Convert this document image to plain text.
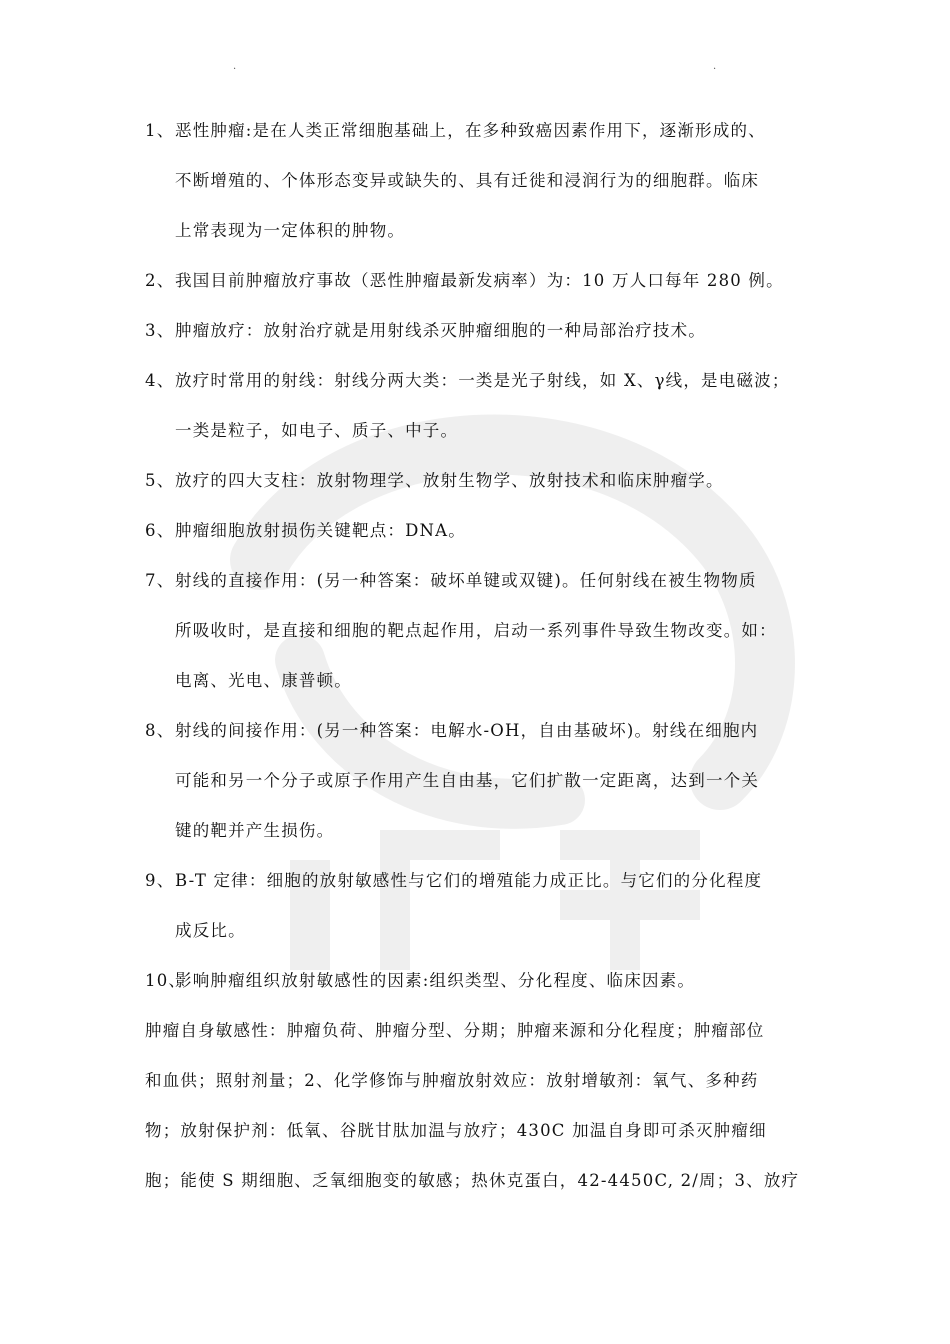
.	.
1、恶性肿瘤:是在人类正常细胞基础上，在多种致癌因素作用下，逐渐形成的、
不断增殖的、个体形态变异或缺失的、具有迁徙和浸润行为的细胞群。临床
上常表现为一定体积的肿物。
2、我国目前肿瘤放疗事故（恶性肿瘤最新发病率）为：10 万人口每年 280 例。
3、肿瘤放疗：放射治疗就是用射线杀灭肿瘤细胞的一种局部治疗技术。
4、放疗时常用的射线：射线分两大类：一类是光子射线，如 X、γ线，是电磁波；
一类是粒子，如电子、质子、中子。
5、放疗的四大支柱：放射物理学、放射生物学、放射技术和临床肿瘤学。
6、肿瘤细胞放射损伤关键靶点：DNA。
7、射线的直接作用：(另一种答案：破坏单键或双键)。任何射线在被生物物质
所吸收时，是直接和细胞的靶点起作用，启动一系列事件导致生物改变。如：
电离、光电、康普顿。
8、射线的间接作用：(另一种答案：电解水-OH，自由基破坏)。射线在细胞内
可能和另一个分子或原子作用产生自由基，它们扩散一定距离，达到一个关
键的靶并产生损伤。
9、B-T 定律：细胞的放射敏感性与它们的增殖能力成正比。与它们的分化程度
成反比。
10、影响肿瘤组织放射敏感性的因素:组织类型、分化程度、临床因素。
肿瘤自身敏感性：肿瘤负荷、肿瘤分型、分期；肿瘤来源和分化程度；肿瘤部位
和血供；照射剂量；2、化学修饰与肿瘤放射效应：放射增敏剂：氧气、多种药
物；放射保护剂：低氧、谷胱甘肽加温与放疗；430C 加温自身即可杀灭肿瘤细
胞；能使 S 期细胞、乏氧细胞变的敏感；热休克蛋白，42-4450C, 2/周；3、放疗
